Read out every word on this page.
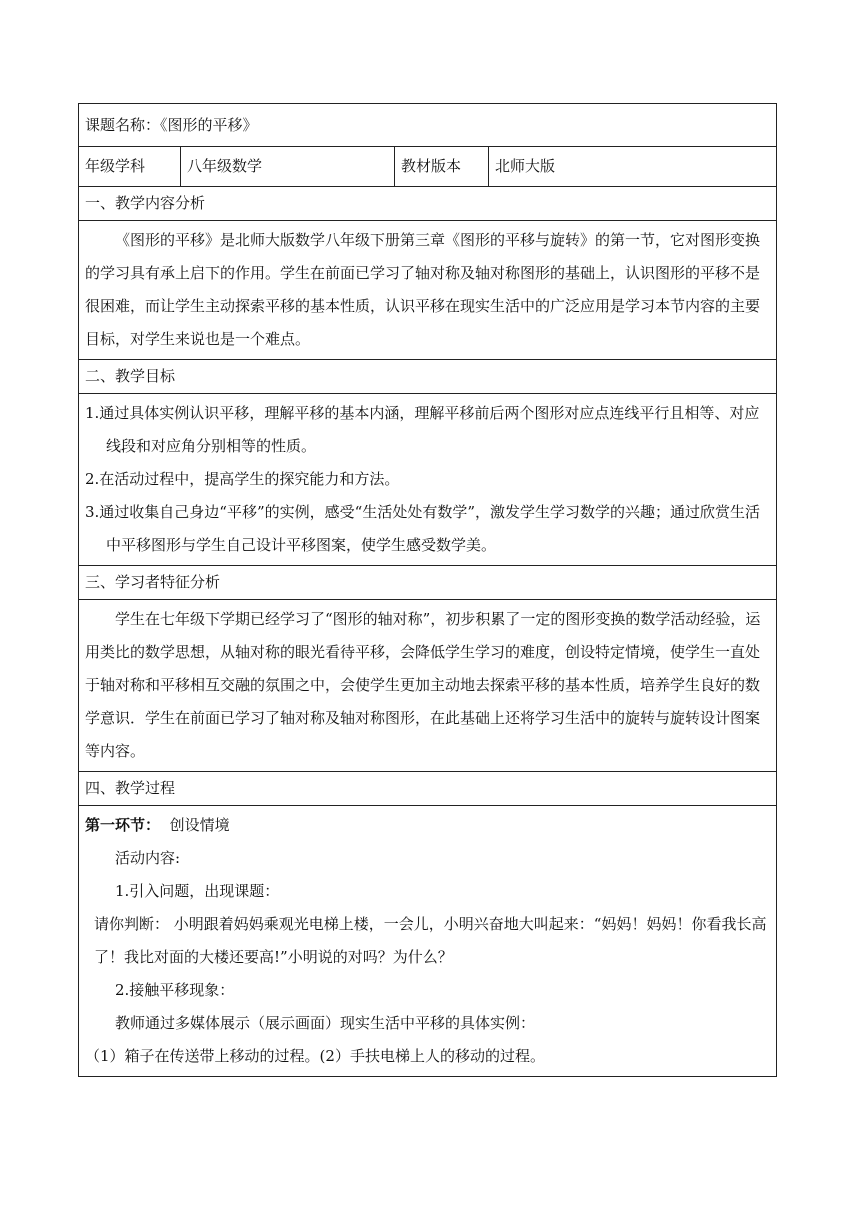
课题名称：《图形的平移》
年级学科	八年级数学	教材版本	北师大版
一、教学内容分析

《图形的平移》是北师大版数学八年级下册第三章《图形的平移与旋转》的第一节，它对图形变换的学习具有承上启下的作用。学生在前面已学习了轴对称及轴对称图形的基础上，认识图形的平移不是很困难，而让学生主动探索平移的基本性质，认识平移在现实生活中的广泛应用是学习本节内容的主要目标，对学生来说也是一个难点。

二、教学目标

1.通过具体实例认识平移，理解平移的基本内涵，理解平移前后两个图形对应点连线平行且相等、对应线段和对应角分别相等的性质。

2.在活动过程中，提高学生的探究能力和方法。

3.通过收集自己身边“平移”的实例，感受“生活处处有数学”，激发学生学习数学的兴趣；通过欣赏生活中平移图形与学生自己设计平移图案，使学生感受数学美。

三、学习者特征分析

学生在七年级下学期已经学习了“图形的轴对称”，初步积累了一定的图形变换的数学活动经验，运用类比的数学思想，从轴对称的眼光看待平移，会降低学生学习的难度，创设特定情境，使学生一直处于轴对称和平移相互交融的氛围之中，会使学生更加主动地去探索平移的基本性质，培养学生良好的数学意识．学生在前面已学习了轴对称及轴对称图形，在此基础上还将学习生活中的旋转与旋转设计图案等内容。

四、教学过程

第一环节： 创设情境

活动内容:

1.引入问题，出现课题：

请你判断： 小明跟着妈妈乘观光电梯上楼，一会儿，小明兴奋地大叫起来：“妈妈！妈妈！你看我长高了！我比对面的大楼还要高!”小明说的对吗？为什么？

2.接触平移现象：

教师通过多媒体展示（展示画面）现实生活中平移的具体实例：

（1）箱子在传送带上移动的过程。(2）手扶电梯上人的移动的过程。
